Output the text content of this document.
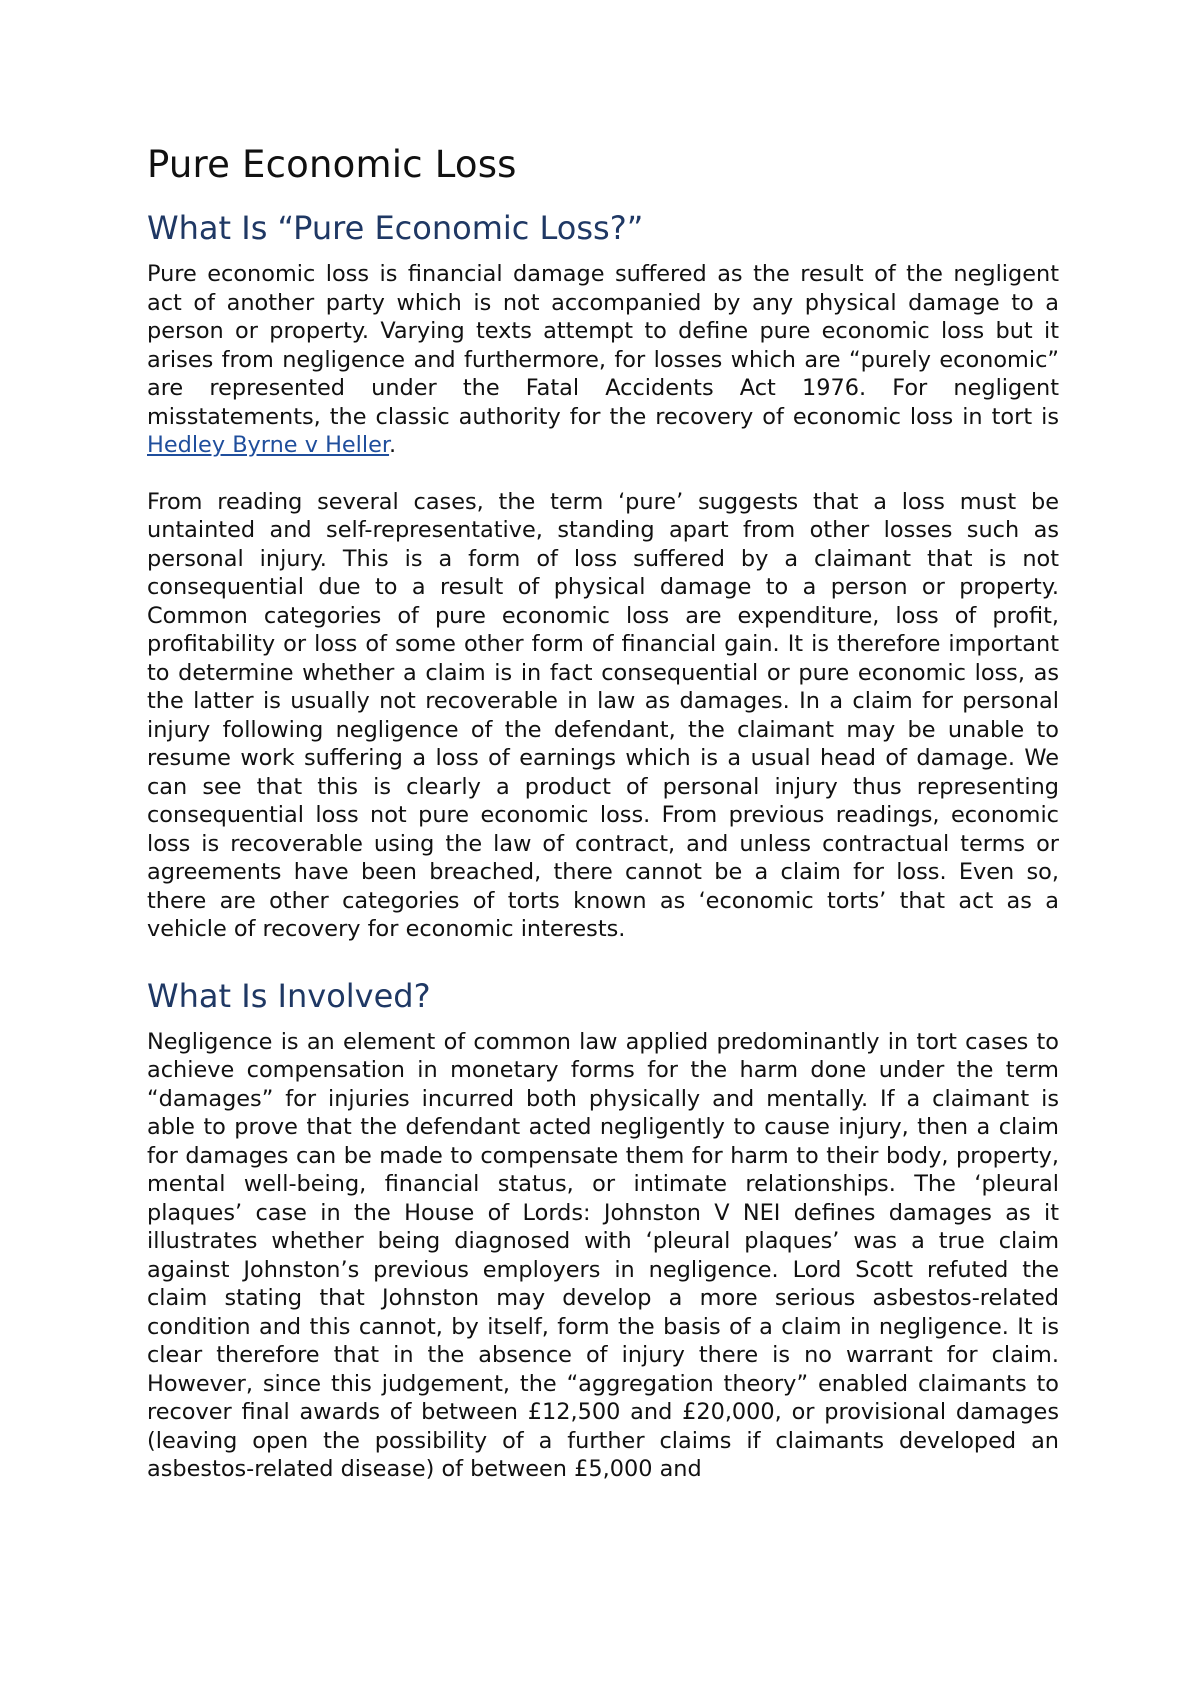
Pure Economic Loss
What Is “Pure Economic Loss?”

Pure economic loss is financial damage suffered as the result of the negligent act of another party which is not accompanied by any physical damage to a person or property. Varying texts attempt to define pure economic loss but it arises from negligence and furthermore, for losses which are “purely economic” are represented under the Fatal Accidents Act 1976. For negligent misstatements, the classic authority for the recovery of economic loss in tort is Hedley Byrne v Heller.

From reading several cases, the term ‘pure’ suggests that a loss must be untainted and self-representative, standing apart from other losses such as personal injury. This is a form of loss suffered by a claimant that is not consequential due to a result of physical damage to a person or property. Common categories of pure economic loss are expenditure, loss of profit, profitability or loss of some other form of financial gain. It is therefore important to determine whether a claim is in fact consequential or pure economic loss, as the latter is usually not recoverable in law as damages. In a claim for personal injury following negligence of the defendant, the claimant may be unable to resume work suffering a loss of earnings which is a usual head of damage. We can see that this is clearly a product of personal injury thus representing consequential loss not pure economic loss. From previous readings, economic loss is recoverable using the law of contract, and unless contractual terms or agreements have been breached, there cannot be a claim for loss. Even so, there are other categories of torts known as ‘economic torts’ that act as a vehicle of recovery for economic interests.

What Is Involved?

Negligence is an element of common law applied predominantly in tort cases to achieve compensation in monetary forms for the harm done under the term “damages” for injuries incurred both physically and mentally. If a claimant is able to prove that the defendant acted negligently to cause injury, then a claim for damages can be made to compensate them for harm to their body, property, mental well-being, financial status, or intimate relationships. The ‘pleural plaques’ case in the House of Lords: Johnston V NEI defines damages as it illustrates whether being diagnosed with ‘pleural plaques’ was a true claim against Johnston’s previous employers in negligence. Lord Scott refuted the claim stating that Johnston may develop a more serious asbestos-related condition and this cannot, by itself, form the basis of a claim in negligence. It is clear therefore that in the absence of injury there is no warrant for claim. However, since this judgement, the “aggregation theory” enabled claimants to recover final awards of between £12,500 and £20,000, or provisional damages (leaving open the possibility of a further claims if claimants developed an asbestos-related disease) of between £5,000 and
